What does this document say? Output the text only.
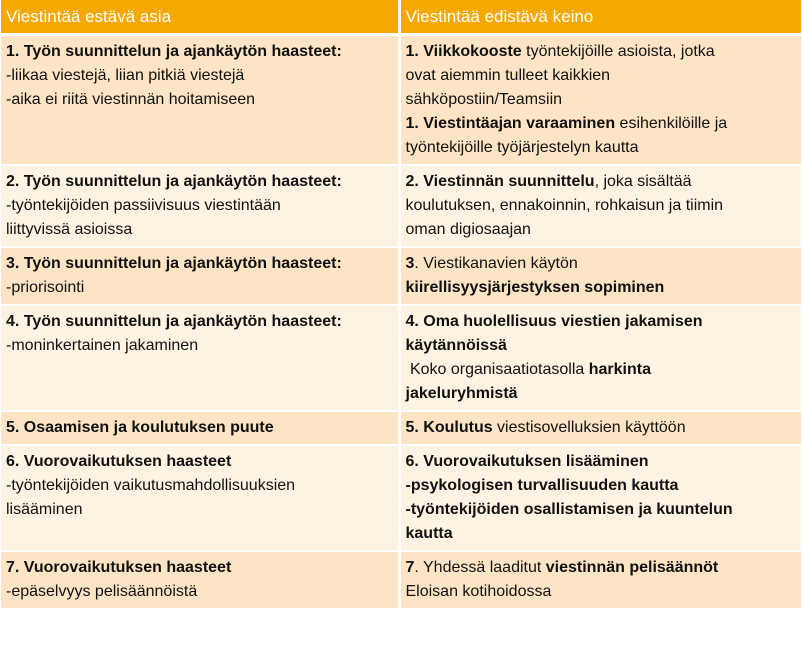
Viestintää estävä asia	Viestintää edistävä keino

1. Työn suunnittelun ja ajankäytön haasteet:
-liikaa viestejä, liian pitkiä viestejä
-aika ei riitä viestinnän hoitamiseen	1. Viikkokooste työntekijöille asioista, jotka
ovat aiemmin tulleet kaikkien
sähköpostiin/Teamsiin
1. Viestintäajan varaaminen esihenkilöille ja
työntekijöille työjärjestelyn kautta

2. Työn suunnittelun ja ajankäytön haasteet:
-työntekijöiden passiivisuus viestintään
liittyvissä asioissa	2. Viestinnän suunnittelu, joka sisältää
koulutuksen, ennakoinnin, rohkaisun ja tiimin
oman digiosaajan

3. Työn suunnittelun ja ajankäytön haasteet:
-priorisointi	3. Viestikanavien käytön
kiirellisyysjärjestyksen sopiminen

4. Työn suunnittelun ja ajankäytön haasteet:
-moninkertainen jakaminen	4. Oma huolellisuus viestien jakamisen
käytännöissä
Koko organisaatiotasolla harkinta
jakeluryhmistä

5. Osaamisen ja koulutuksen puute	5. Koulutus viestisovelluksien käyttöön

6. Vuorovaikutuksen haasteet
-työntekijöiden vaikutusmahdollisuuksien
lisääminen	6. Vuorovaikutuksen lisääminen
-psykologisen turvallisuuden kautta
-työntekijöiden osallistamisen ja kuuntelun
kautta

7. Vuorovaikutuksen haasteet
-epäselvyys pelisäännöistä	7. Yhdessä laaditut viestinnän pelisäännöt
Eloisan kotihoidossa
